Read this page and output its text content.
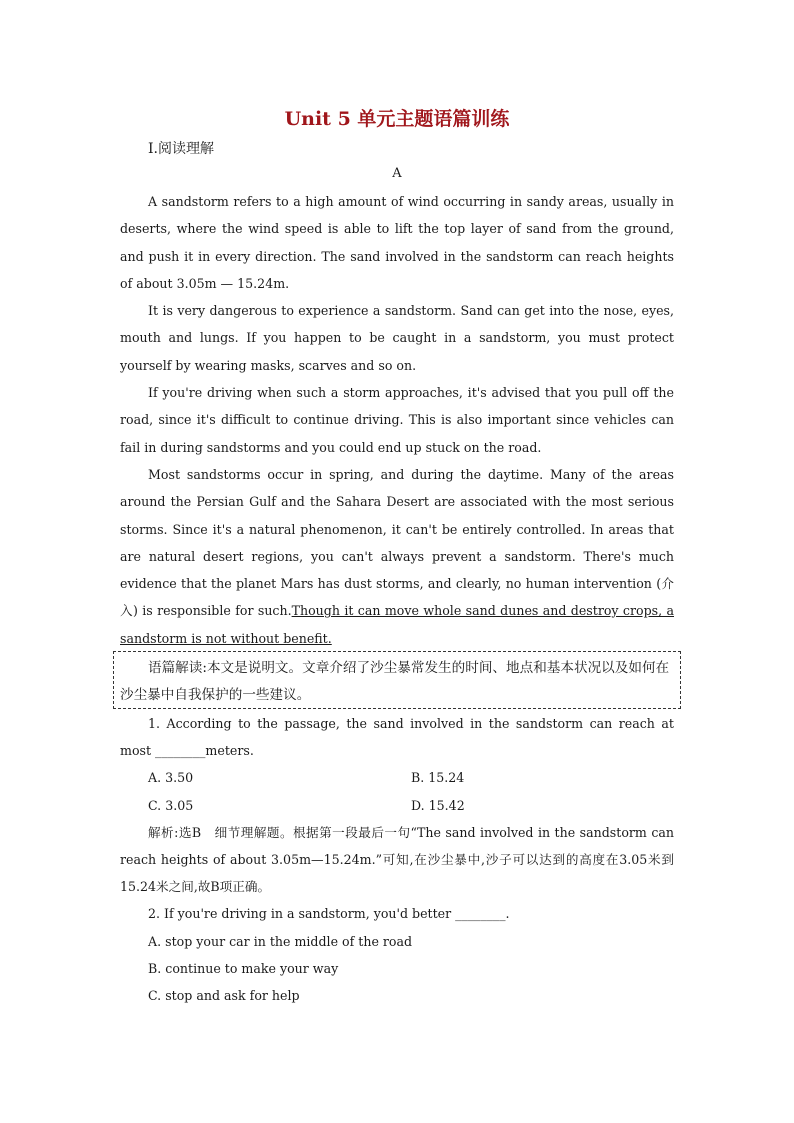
Unit 5 单元主题语篇训练
Ⅰ.阅读理解
A

A sandstorm refers to a high amount of wind occurring in sandy areas, usually in deserts, where the wind speed is able to lift the top layer of sand from the ground, and push it in every direction. The sand involved in the sandstorm can reach heights of about 3.05m — 15.24m.

It is very dangerous to experience a sandstorm. Sand can get into the nose, eyes, mouth and lungs. If you happen to be caught in a sandstorm, you must protect yourself by wearing masks, scarves and so on.

If you're driving when such a storm approaches, it's advised that you pull off the road, since it's difficult to continue driving. This is also important since vehicles can fail in during sandstorms and you could end up stuck on the road.

Most sandstorms occur in spring, and during the daytime. Many of the areas around the Persian Gulf and the Sahara Desert are associated with the most serious storms. Since it's a natural phenomenon, it can't be entirely controlled. In areas that are natural desert regions, you can't always prevent a sandstorm. There's much evidence that the planet Mars has dust storms, and clearly, no human intervention (介入) is responsible for such.Though it can move whole sand dunes and destroy crops, a sandstorm is not without benefit.

语篇解读:本文是说明文。文章介绍了沙尘暴常发生的时间、地点和基本状况以及如何在沙尘暴中自我保护的一些建议。
1. According to the passage, the sand involved in the sandstorm can reach at most ________meters.
A. 3.50	B. 15.24
C. 3.05	D. 15.42
解析:选B　细节理解题。根据第一段最后一句“The sand involved in the sandstorm can reach heights of about 3.05m—15.24m.”可知,在沙尘暴中,沙子可以达到的高度在3.05米到15.24米之间,故B项正确。
2. If you're driving in a sandstorm, you'd better ________.
A. stop your car in the middle of the road
B. continue to make your way
C. stop and ask for help
